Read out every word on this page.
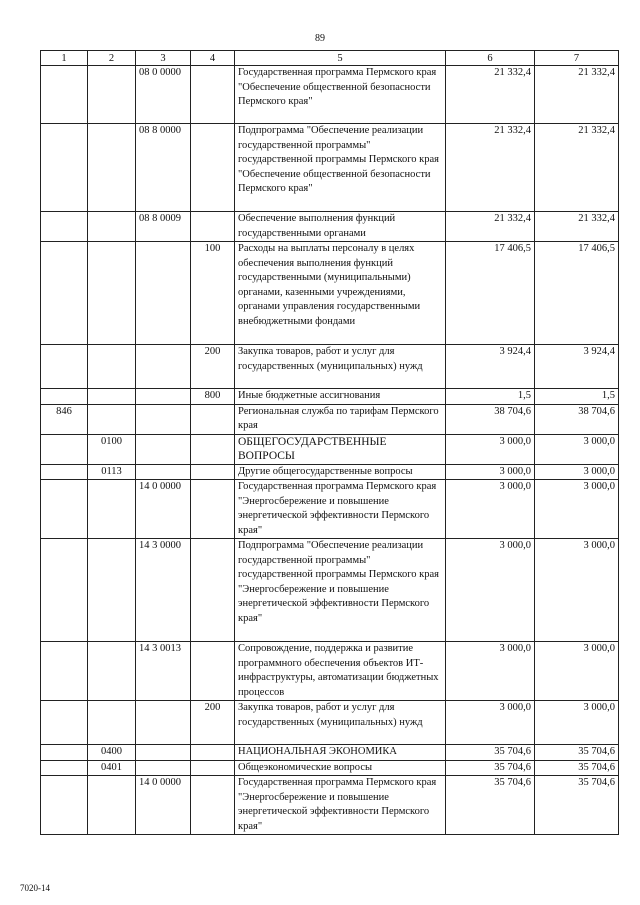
89
1	2	3	4	5	6	7
		08 0 0000		Государственная программа Пермского края "Обеспечение общественной безопасности Пермского края"	21 332,4	21 332,4
		08 8 0000		Подпрограмма "Обеспечение реализации государственной программы" государственной программы Пермского края "Обеспечение общественной безопасности Пермского края"	21 332,4	21 332,4
		08 8 0009		Обеспечение выполнения функций государственными органами	21 332,4	21 332,4
			100	Расходы на выплаты персоналу в целях обеспечения выполнения функций государственными (муниципальными) органами, казенными учреждениями, органами управления государственными внебюджетными фондами	17 406,5	17 406,5
			200	Закупка товаров, работ и услуг для государственных (муниципальных) нужд	3 924,4	3 924,4
			800	Иные бюджетные ассигнования	1,5	1,5
846				Региональная служба по тарифам Пермского края	38 704,6	38 704,6
	0100			ОБЩЕГОСУДАРСТВЕННЫЕ ВОПРОСЫ	3 000,0	3 000,0
	0113			Другие общегосударственные вопросы	3 000,0	3 000,0
		14 0 0000		Государственная программа Пермского края "Энергосбережение и повышение энергетической эффективности Пермского края"	3 000,0	3 000,0
		14 3 0000		Подпрограмма "Обеспечение реализации государственной программы" государственной программы Пермского края "Энергосбережение и повышение энергетической эффективности Пермского края"	3 000,0	3 000,0
		14 3 0013		Сопровождение, поддержка и развитие программного обеспечения объектов ИТ-инфраструктуры, автоматизации бюджетных процессов	3 000,0	3 000,0
			200	Закупка товаров, работ и услуг для государственных (муниципальных) нужд	3 000,0	3 000,0
	0400			НАЦИОНАЛЬНАЯ ЭКОНОМИКА	35 704,6	35 704,6
	0401			Общеэкономические вопросы	35 704,6	35 704,6
		14 0 0000		Государственная программа Пермского края "Энергосбережение и повышение энергетической эффективности Пермского края"	35 704,6	35 704,6
7020-14
